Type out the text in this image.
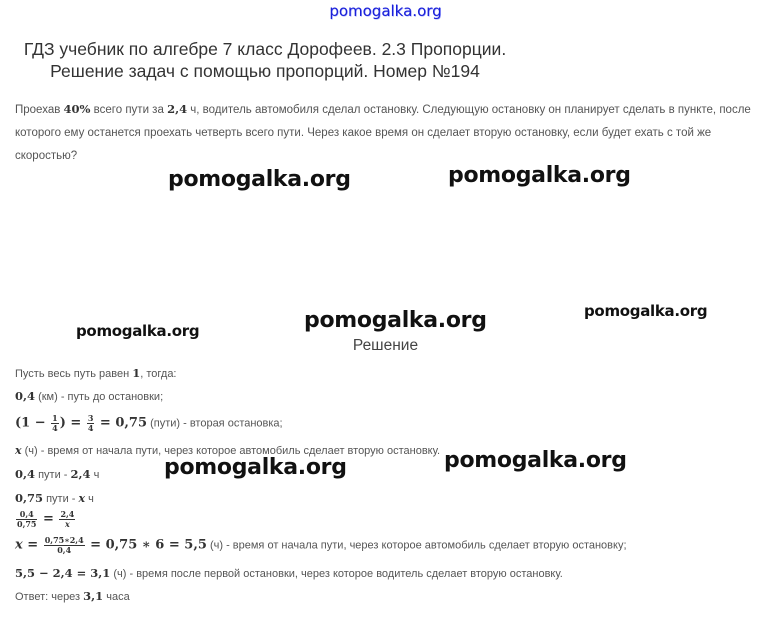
pomogalka.org
ГДЗ учебник по алгебре 7 класс Дорофеев. 2.3 Пропорции. Решение задач с помощью пропорций. Номер №194
Проехав 40% всего пути за 2,4 ч, водитель автомобиля сделал остановку. Следующую остановку он планирует сделать в пункте, после которого ему останется проехать четверть всего пути. Через какое время он сделает вторую остановку, если будет ехать с той же скоростью?
pomogalka.org	pomogalka.org
pomogalka.org	pomogalka.org	pomogalka.org
pomogalka.org	pomogalka.org
Решение
Пусть весь путь равен 1, тогда:
0,4 (км) - путь до остановки;
($1 - \frac{1}{4}$ ) = $\frac{3}{4} = 0,75$ (пути) - вторая остановка;
x (ч) - время от начала пути, через которое автомобиль сделает вторую остановку.
0,4 пути - 2,4 ч
0,75 пути - x ч
$\frac{0,4}{0,75} = \frac{2,4}{x}$
$x = \frac{0,75∗2,4}{0,4} = 0,75$ ∗ 6 = 5,5 (ч) - время от начала пути, через которое автомобиль сделает вторую остановку;
5,5 − 2,4 = 3,1 (ч) - время после первой остановки, через которое водитель сделает вторую остановку.
Ответ: через 3,1 часа
